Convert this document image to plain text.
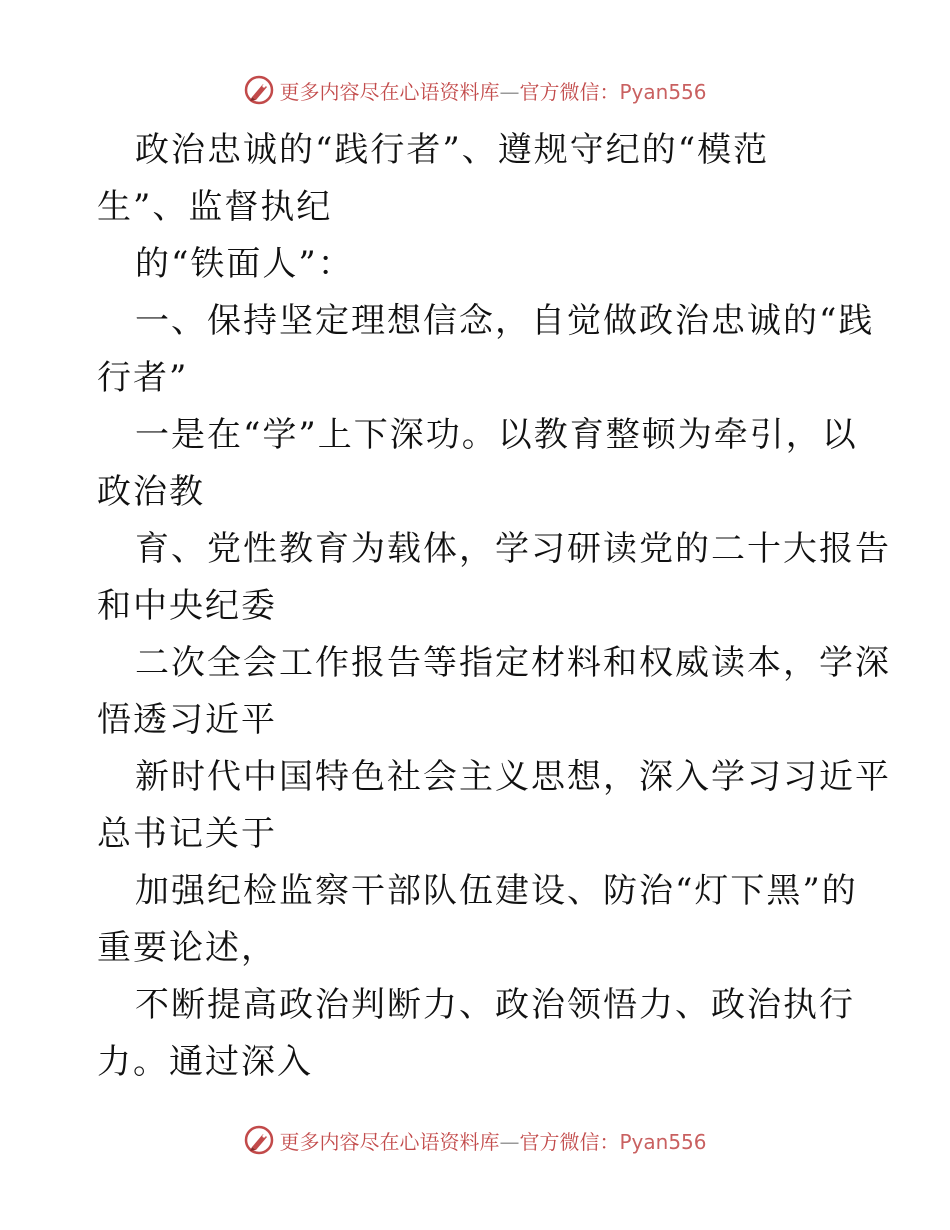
更多内容尽在心语资料库—官方微信：Pyan556
政治忠诚的“践行者”、遵规守纪的“模范
生”、监督执纪
的“铁面人”：
一、保持坚定理想信念，自觉做政治忠诚的“践
行者”
一是在“学”上下深功。以教育整顿为牵引，以
政治教
育、党性教育为载体，学习研读党的二十大报告
和中央纪委
二次全会工作报告等指定材料和权威读本，学深
悟透习近平
新时代中国特色社会主义思想，深入学习习近平
总书记关于
加强纪检监察干部队伍建设、防治“灯下黑”的
重要论述，
不断提高政治判断力、政治领悟力、政治执行
力。通过深入
更多内容尽在心语资料库—官方微信：Pyan556
